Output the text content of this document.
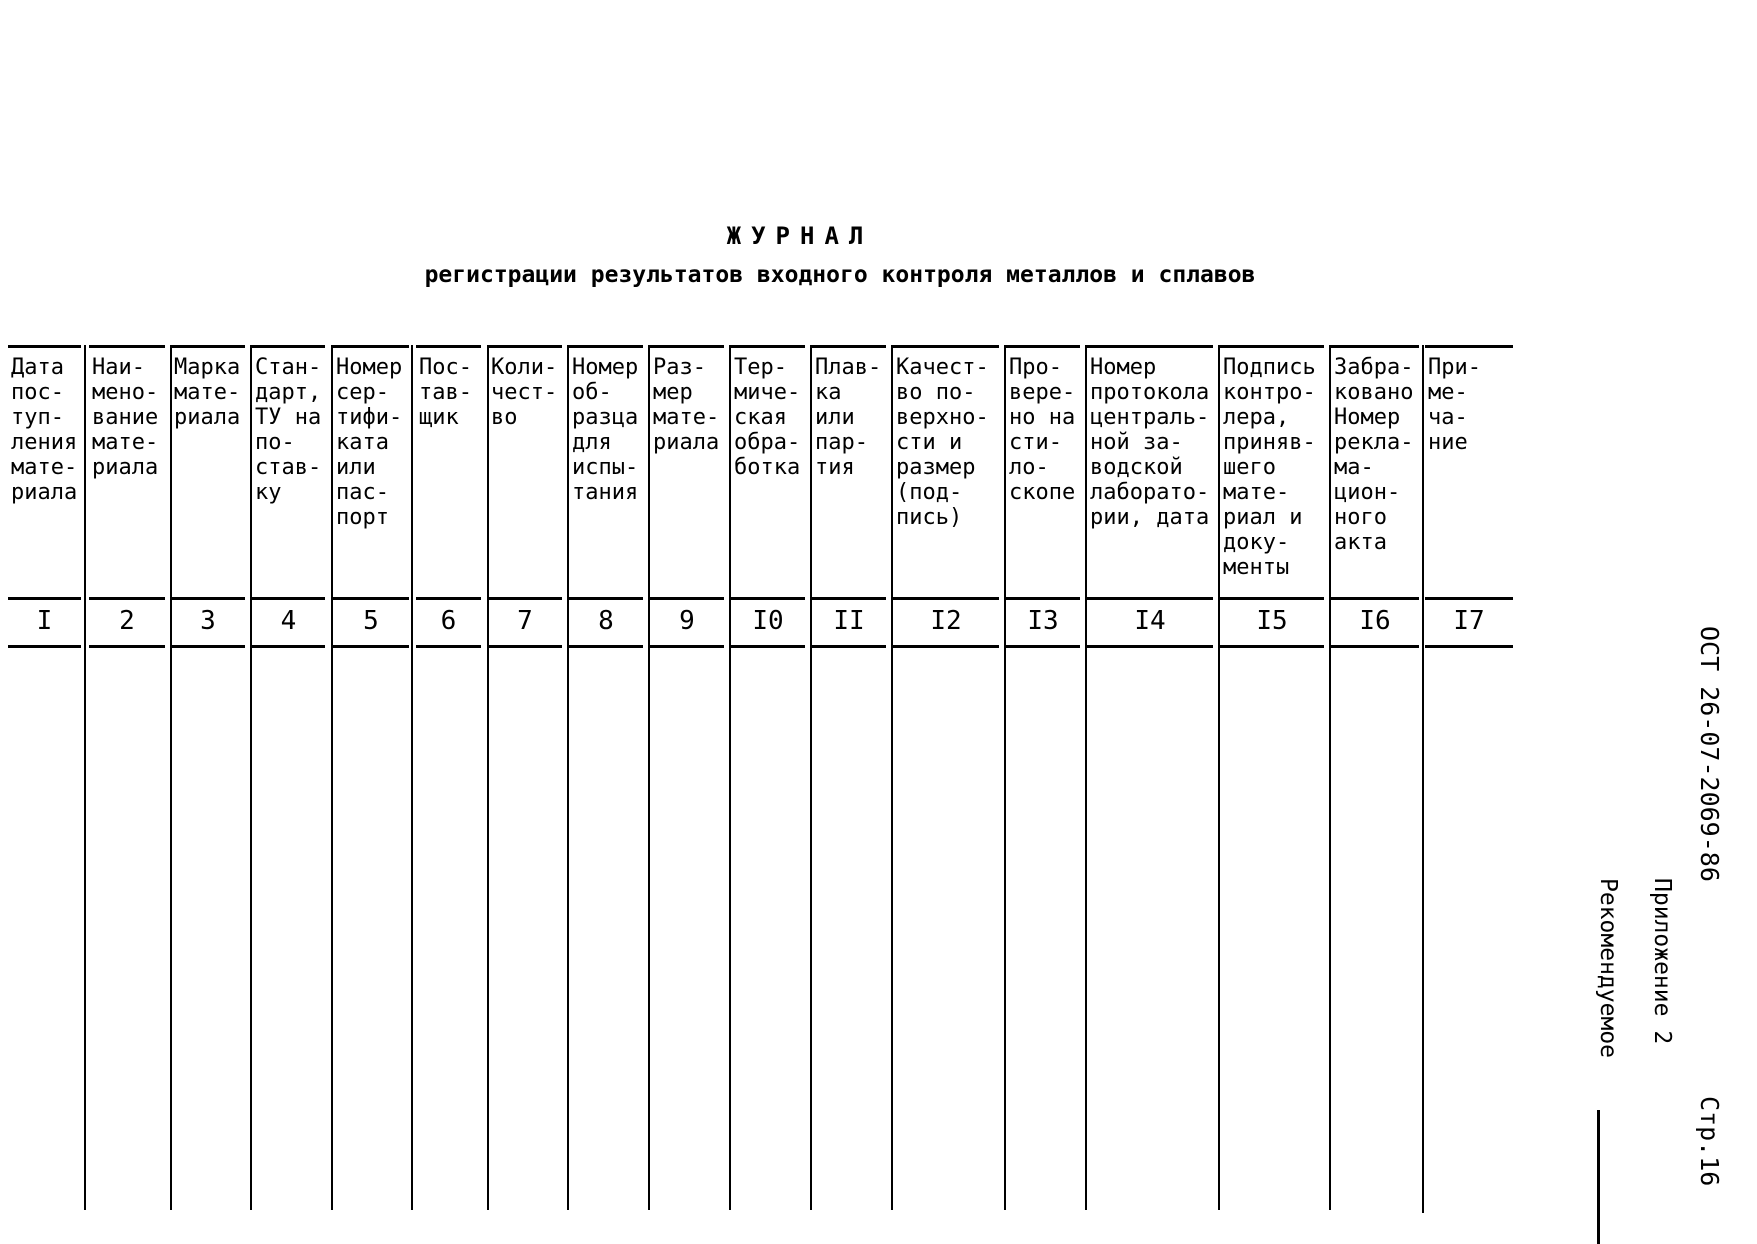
ЖУРНАЛ
регистрации результатов входного контроля металлов и сплавов
Дата
пос-
туп-
ления
мате-
риала
I
Наи-
мено-
вание
мате-
риала
2
Марка
мате-
риала
3
Стан-
дарт,
ТУ на
по-
став-
ку
4
Номер
сер-
тифи-
ката
или
пас-
порт
5
Пос-
тав-
щик
6
Коли-
чест-
во
7
Номер
об-
разца
для
испы-
тания
8
Раз-
мер
мате-
риала
9
Тер-
миче-
ская
обра-
ботка
I0
Плав-
ка
или
пар-
тия
II
Качест-
во по-
верхно-
сти и
размер
(под-
пись)
I2
Про-
вере-
но на
сти-
ло-
скопе
I3
Номер
протокола
централь-
ной за-
водской
лаборато-
рии, дата
I4
Подпись
контро-
лера,
приняв-
шего
мате-
риал и
доку-
менты
I5
Забра-
ковано
Номер
рекла-
ма-
цион-
ного
акта
I6
При-
ме-
ча-
ние
I7
ОСТ 26-07-2069-86
Стр.16
Приложение 2
Рекомендуемое
